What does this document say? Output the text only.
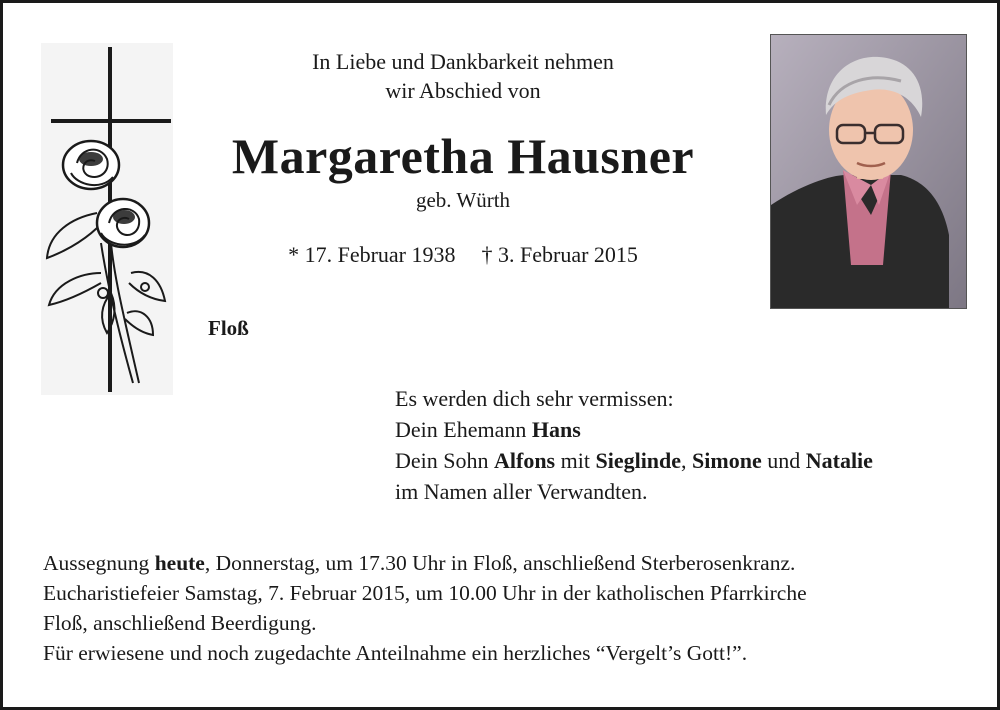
In Liebe und Dankbarkeit nehmen
wir Abschied von
Margaretha Hausner
geb. Würth
* 17. Februar 1938 † 3. Februar 2015
Floß
Es werden dich sehr vermissen:
Dein Ehemann Hans
Dein Sohn Alfons mit Sieglinde, Simone und Natalie
im Namen aller Verwandten.
Aussegnung heute, Donnerstag, um 17.30 Uhr in Floß, anschließend Sterberosenkranz.
Eucharistiefeier Samstag, 7. Februar 2015, um 10.00 Uhr in der katholischen Pfarrkirche
Floß, anschließend Beerdigung.
Für erwiesene und noch zugedachte Anteilnahme ein herzliches “Vergelt’s Gott!”.
